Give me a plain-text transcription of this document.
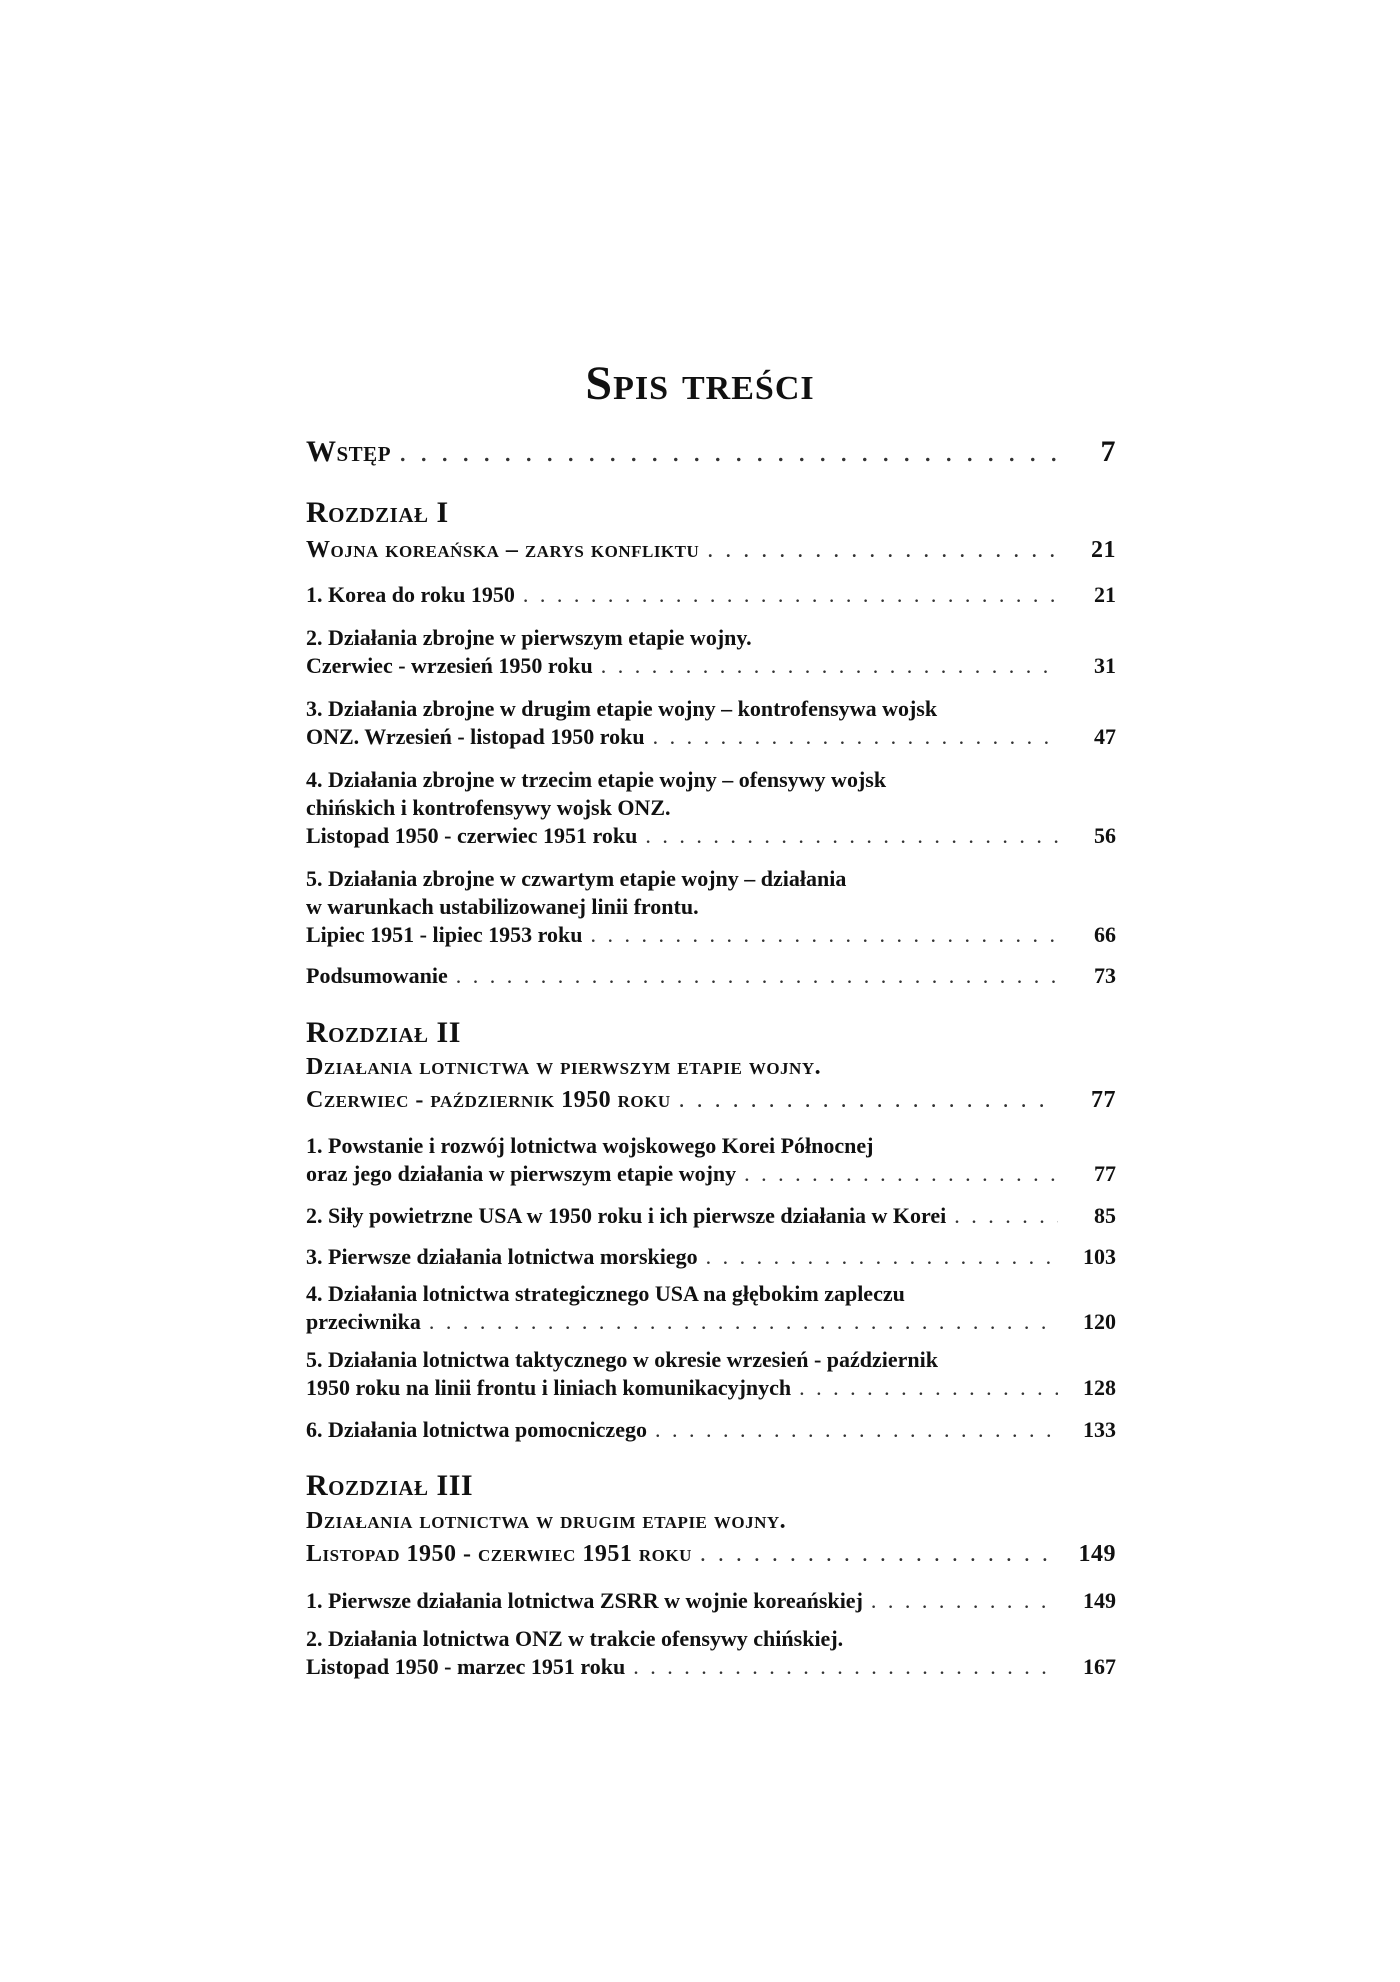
Spis treści
Wstęp . . .	7
Rozdział I
Wojna koreańska – zarys konfliktu . . .	21
1. Korea do roku 1950 . . .	21
2. Działania zbrojne w pierwszym etapie wojny.
Czerwiec - wrzesień 1950 roku . . .	31
3. Działania zbrojne w drugim etapie wojny – kontrofensywa wojsk
ONZ. Wrzesień - listopad 1950 roku . . .	47
4. Działania zbrojne w trzecim etapie wojny – ofensywy wojsk
chińskich i kontrofensywy wojsk ONZ.
Listopad 1950 - czerwiec 1951 roku . . .	56
5. Działania zbrojne w czwartym etapie wojny – działania
w warunkach ustabilizowanej linii frontu.
Lipiec 1951 - lipiec 1953 roku . . .	66
Podsumowanie . . .	73
Rozdział II
Działania lotnictwa w pierwszym etapie wojny.
Czerwiec - październik 1950 roku . . .	77
1. Powstanie i rozwój lotnictwa wojskowego Korei Północnej
oraz jego działania w pierwszym etapie wojny . . .	77
2. Siły powietrzne USA w 1950 roku i ich pierwsze działania w Korei . . .	85
3. Pierwsze działania lotnictwa morskiego . . .	103
4. Działania lotnictwa strategicznego USA na głębokim zapleczu
przeciwnika . . .	120
5. Działania lotnictwa taktycznego w okresie wrzesień - październik
1950 roku na linii frontu i liniach komunikacyjnych . . .	128
6. Działania lotnictwa pomocniczego . . .	133
Rozdział III
Działania lotnictwa w drugim etapie wojny.
Listopad 1950 - czerwiec 1951 roku . . .	149
1. Pierwsze działania lotnictwa ZSRR w wojnie koreańskiej . . .	149
2. Działania lotnictwa ONZ w trakcie ofensywy chińskiej.
Listopad 1950 - marzec 1951 roku . . .	167
